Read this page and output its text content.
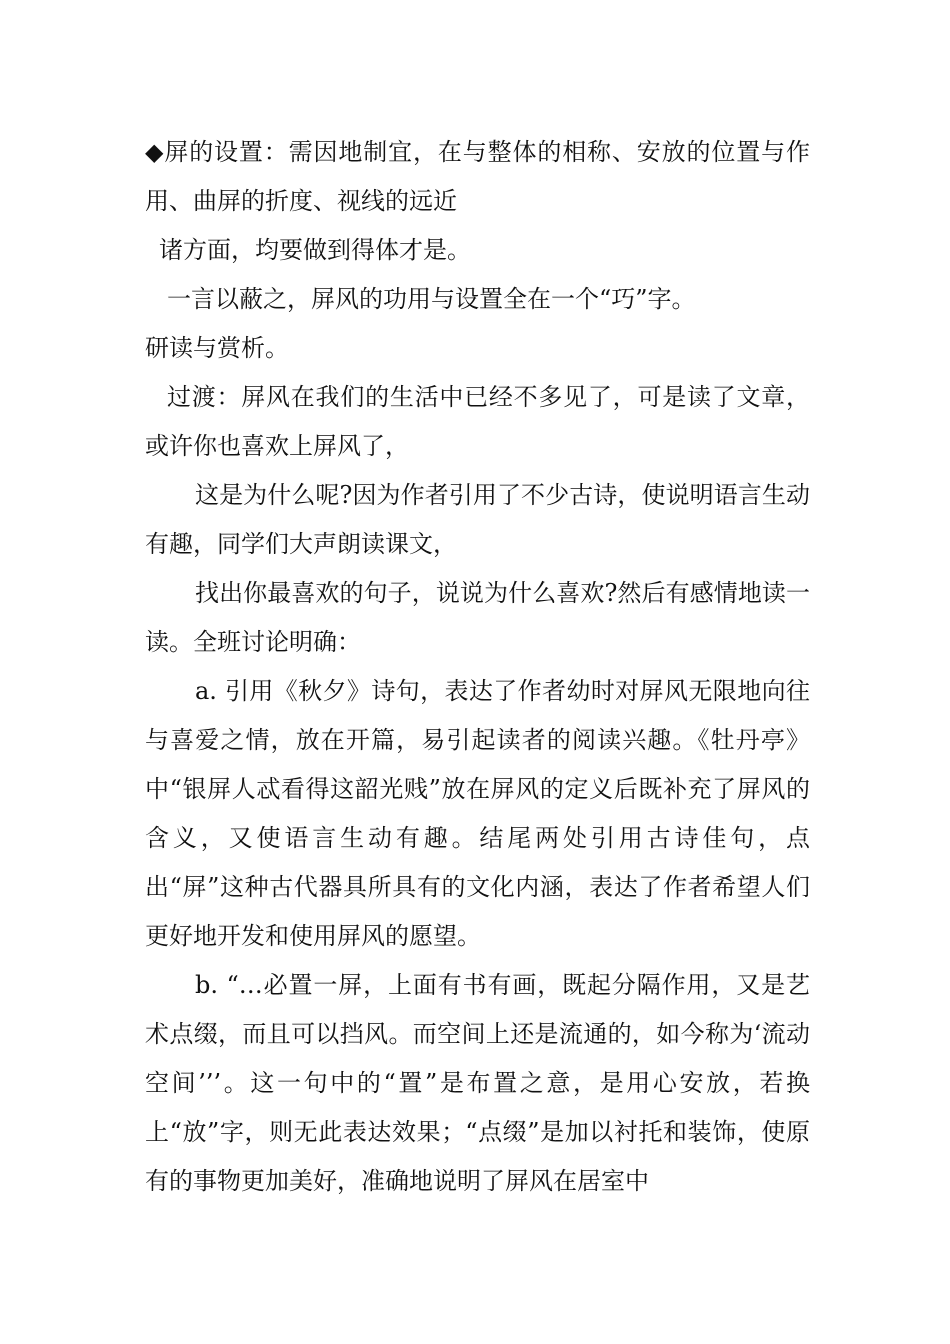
◆屏的设置：需因地制宜，在与整体的相称、安放的位置与作用、曲屏的折度、视线的远近

诸方面，均要做到得体才是。

一言以蔽之，屏风的功用与设置全在一个“巧”字。

研读与赏析。

过渡：屏风在我们的生活中已经不多见了，可是读了文章，或许你也喜欢上屏风了，

这是为什么呢?因为作者引用了不少古诗，使说明语言生动有趣，同学们大声朗读课文，

找出你最喜欢的句子，说说为什么喜欢?然后有感情地读一读。全班讨论明确：

a. 引用《秋夕》诗句，表达了作者幼时对屏风无限地向往与喜爱之情，放在开篇，易引起读者的阅读兴趣。《牡丹亭》中“银屏人忒看得这韶光贱”放在屏风的定义后既补充了屏风的含义，又使语言生动有趣。结尾两处引用古诗佳句，点出“屏”这种古代器具所具有的文化内涵，表达了作者希望人们更好地开发和使用屏风的愿望。

b. “…必置一屏，上面有书有画，既起分隔作用，又是艺术点缀，而且可以挡风。而空间上还是流通的，如今称为‘流动空间’’’。这一句中的“置”是布置之意，是用心安放，若换上“放”字，则无此表达效果；“点缀”是加以衬托和装饰，使原有的事物更加美好，准确地说明了屏风在居室中
